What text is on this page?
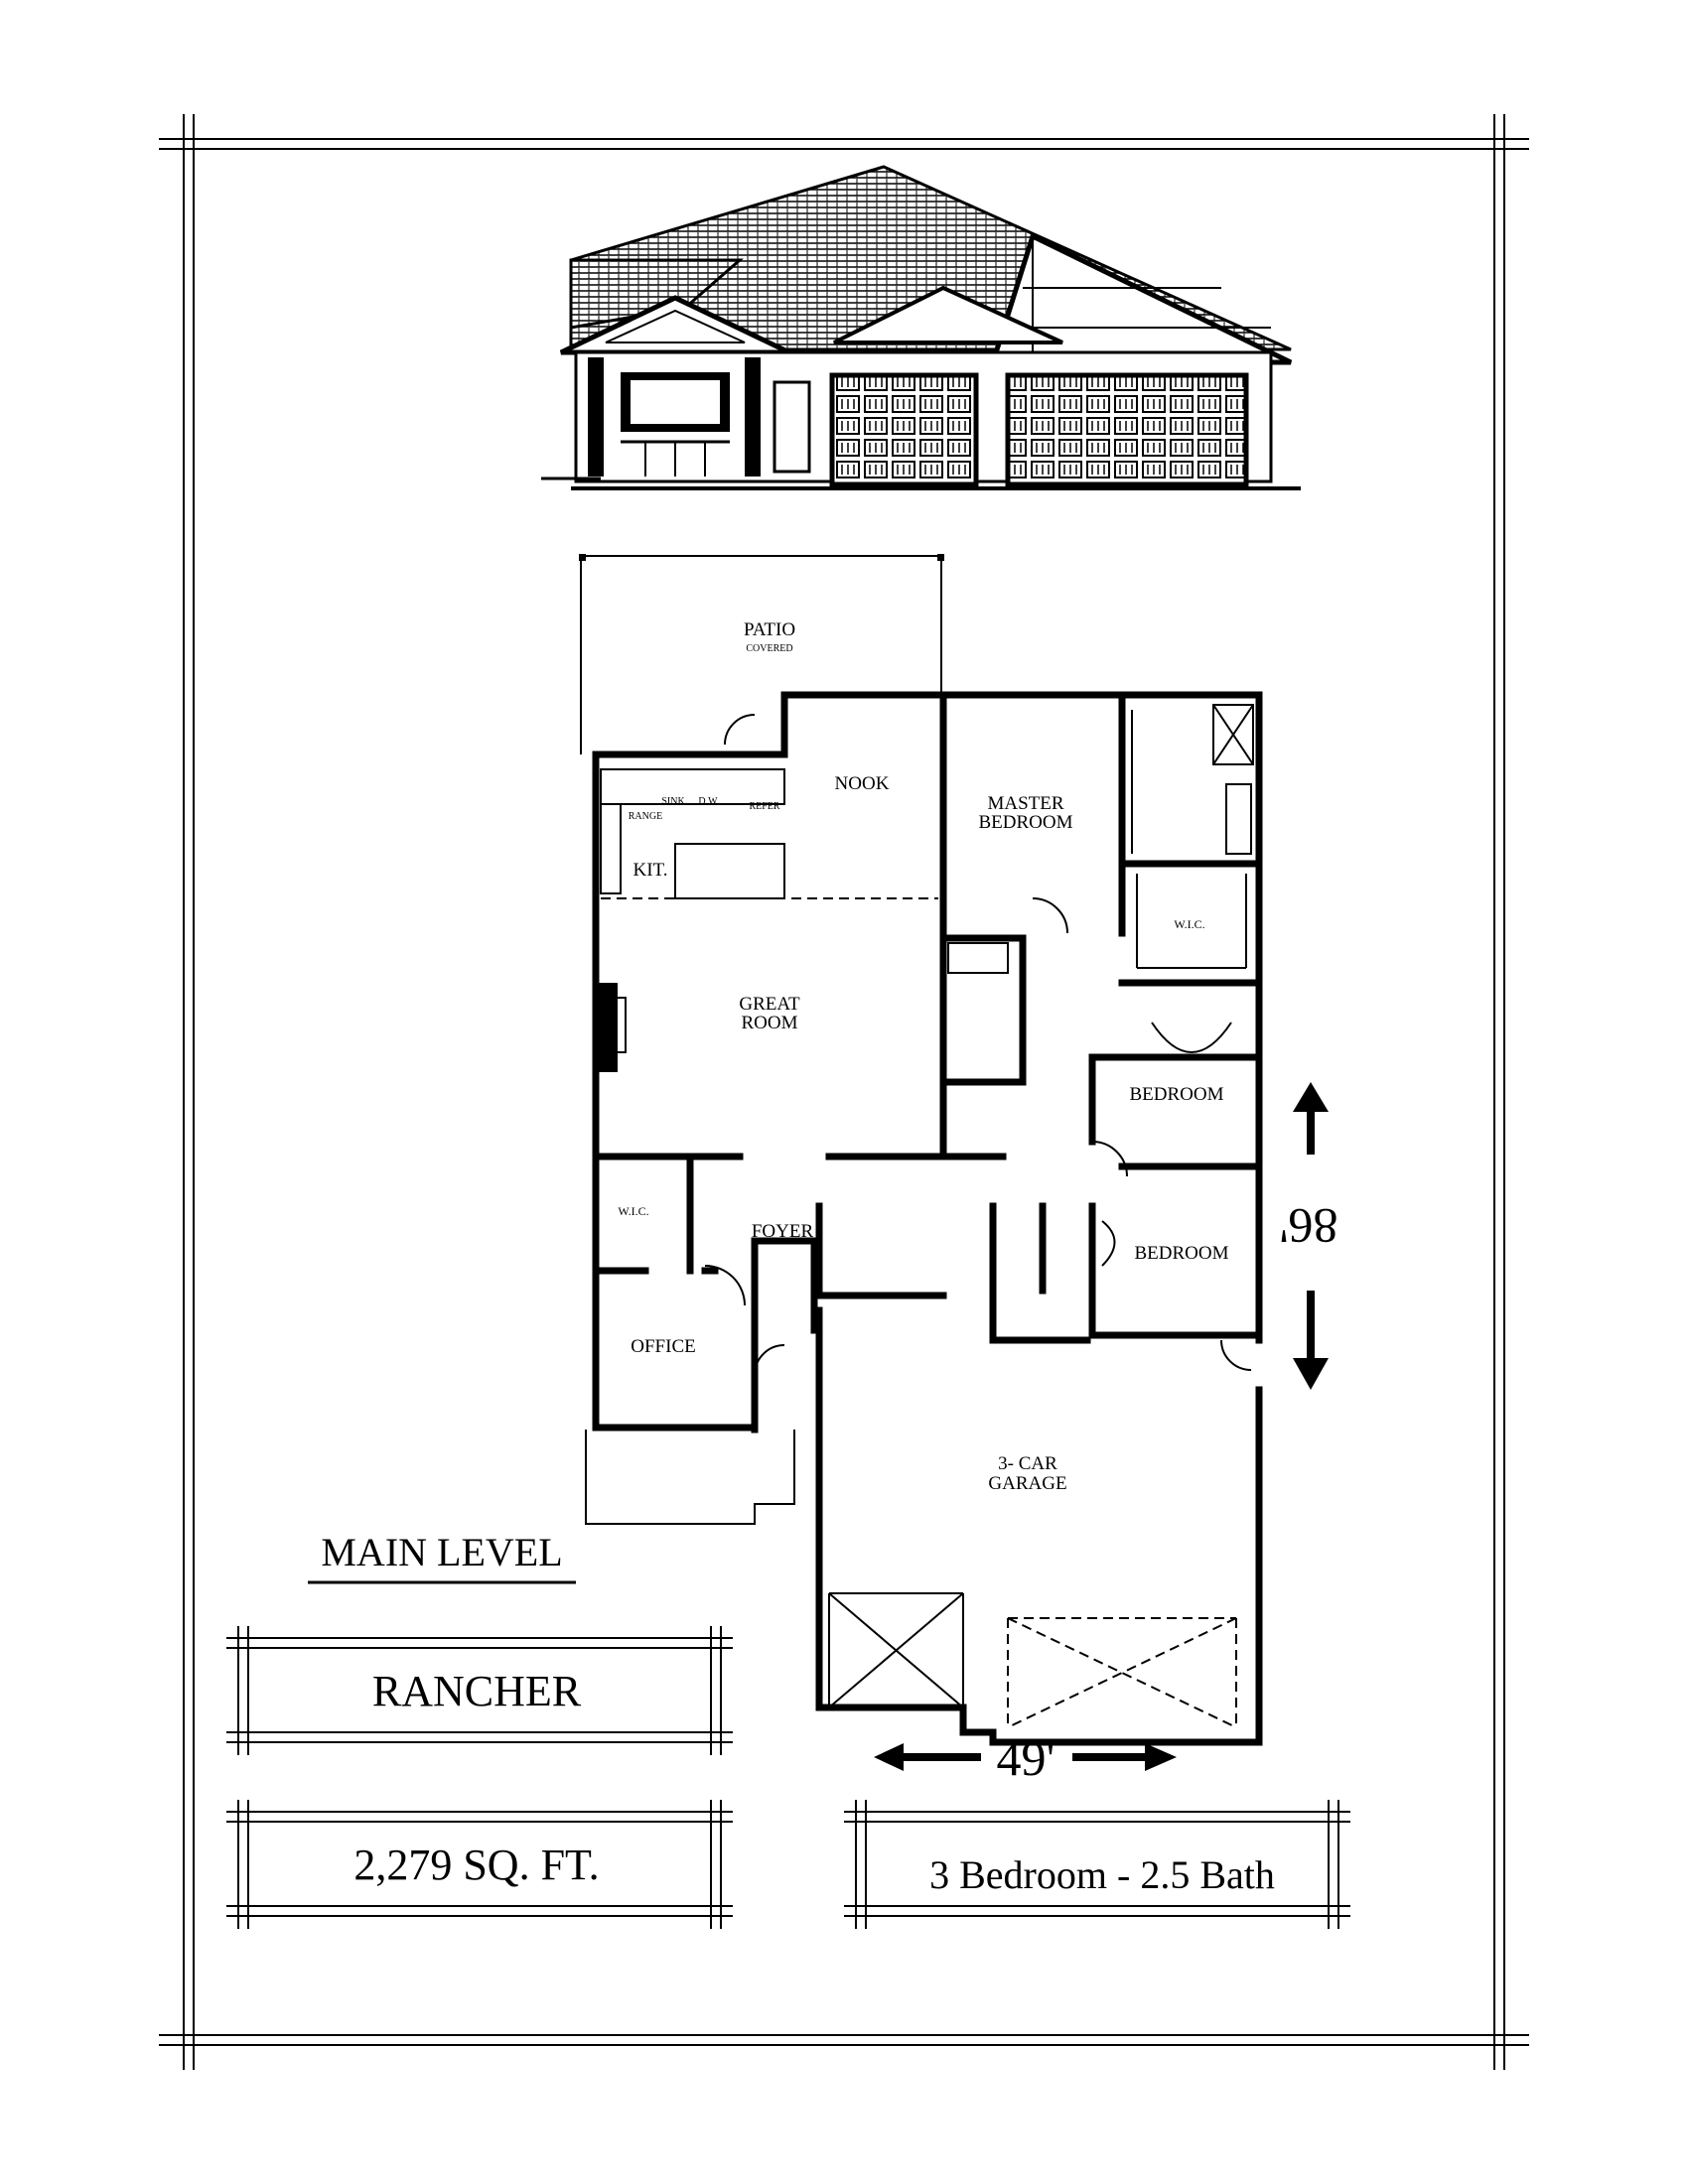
PATIO
COVERED
NOOK
SINK D.W	REFER
RANGE
KIT.
MASTER
BEDROOM
W.I.C.
GREAT
ROOM
BEDROOM
BEDROOM
W.I.C.
FOYER
OFFICE
3- CAR
GARAGE
86'
49'
MAIN LEVEL
RANCHER
2,279 SQ. FT.	3 Bedroom - 2.5 Bath
